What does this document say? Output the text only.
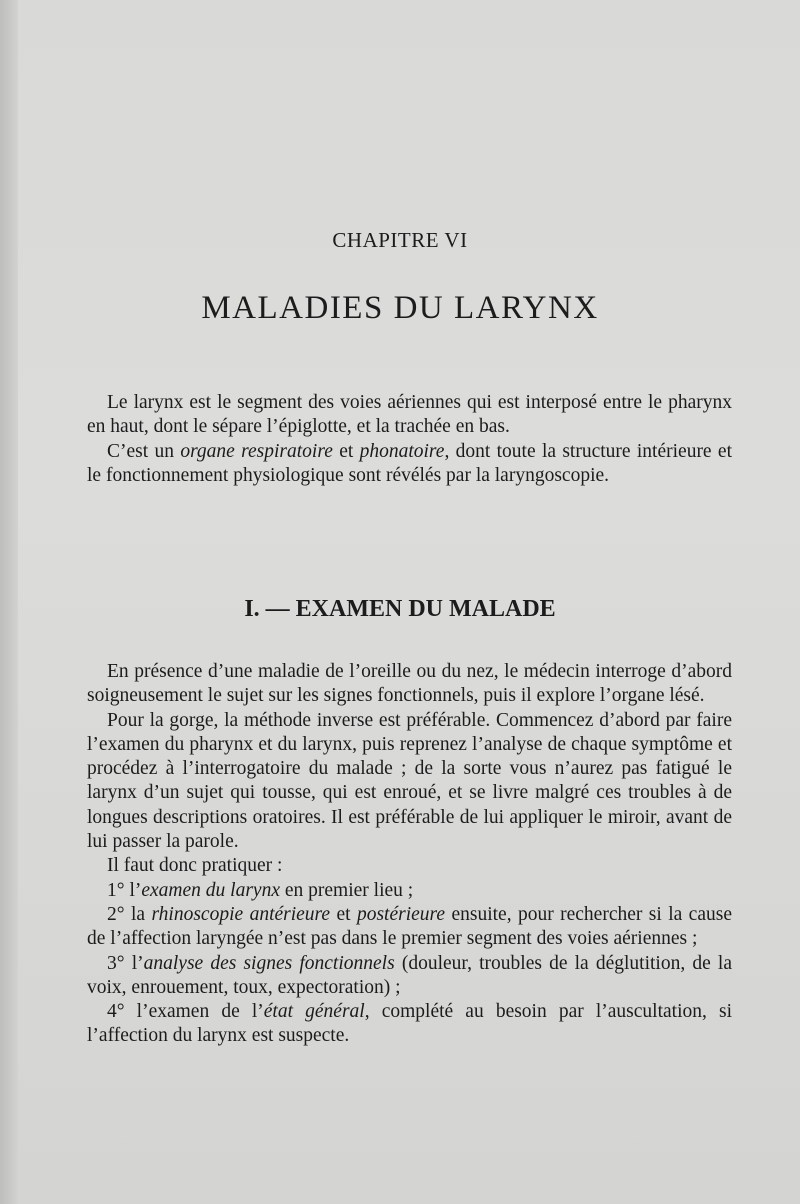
CHAPITRE VI
MALADIES DU LARYNX

Le larynx est le segment des voies aériennes qui est interposé entre le pharynx en haut, dont le sépare l’épiglotte, et la trachée en bas.

C’est un organe respiratoire et phonatoire, dont toute la structure intérieure et le fonctionnement physiologique sont révélés par la laryngoscopie.

I. — EXAMEN DU MALADE

En présence d’une maladie de l’oreille ou du nez, le médecin interroge d’abord soigneusement le sujet sur les signes fonctionnels, puis il explore l’organe lésé.

Pour la gorge, la méthode inverse est préférable. Commencez d’abord par faire l’examen du pharynx et du larynx, puis reprenez l’analyse de chaque symptôme et procédez à l’interrogatoire du malade ; de la sorte vous n’aurez pas fatigué le larynx d’un sujet qui tousse, qui est enroué, et se livre malgré ces troubles à de longues descriptions oratoires. Il est préférable de lui appliquer le miroir, avant de lui passer la parole.

Il faut donc pratiquer :

1° l’examen du larynx en premier lieu ;

2° la rhinoscopie antérieure et postérieure ensuite, pour rechercher si la cause de l’affection laryngée n’est pas dans le premier segment des voies aériennes ;

3° l’analyse des signes fonctionnels (douleur, troubles de la déglutition, de la voix, enrouement, toux, expectoration) ;

4° l’examen de l’état général, complété au besoin par l’auscultation, si l’affection du larynx est suspecte.
